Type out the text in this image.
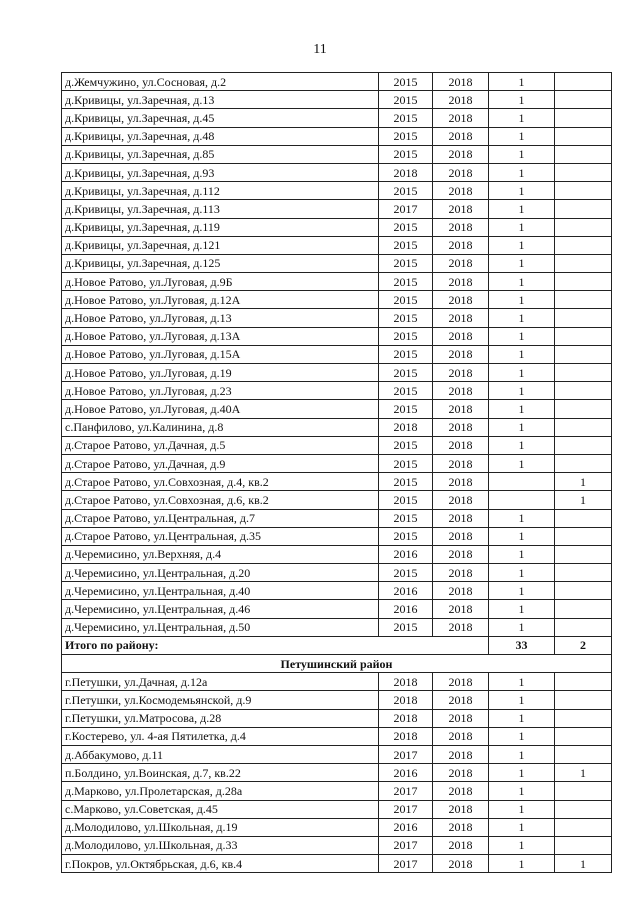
11
д.Жемчужино, ул.Сосновая, д.2	2015	2018	1	
д.Кривицы, ул.Заречная, д.13	2015	2018	1	
д.Кривицы, ул.Заречная, д.45	2015	2018	1	
д.Кривицы, ул.Заречная, д.48	2015	2018	1	
д.Кривицы, ул.Заречная, д.85	2015	2018	1	
д.Кривицы, ул.Заречная, д.93	2018	2018	1	
д.Кривицы, ул.Заречная, д.112	2015	2018	1	
д.Кривицы, ул.Заречная, д.113	2017	2018	1	
д.Кривицы, ул.Заречная, д.119	2015	2018	1	
д.Кривицы, ул.Заречная, д.121	2015	2018	1	
д.Кривицы, ул.Заречная, д.125	2015	2018	1	
д.Новое Ратово, ул.Луговая, д.9Б	2015	2018	1	
д.Новое Ратово, ул.Луговая, д.12А	2015	2018	1	
д.Новое Ратово, ул.Луговая, д.13	2015	2018	1	
д.Новое Ратово, ул.Луговая, д.13А	2015	2018	1	
д.Новое Ратово, ул.Луговая, д.15А	2015	2018	1	
д.Новое Ратово, ул.Луговая, д.19	2015	2018	1	
д.Новое Ратово, ул.Луговая, д.23	2015	2018	1	
д.Новое Ратово, ул.Луговая, д.40А	2015	2018	1	
с.Панфилово, ул.Калинина, д.8	2018	2018	1	
д.Старое Ратово, ул.Дачная, д.5	2015	2018	1	
д.Старое Ратово, ул.Дачная, д.9	2015	2018	1	
д.Старое Ратово, ул.Совхозная, д.4, кв.2	2015	2018		1
д.Старое Ратово, ул.Совхозная, д.6, кв.2	2015	2018		1
д.Старое Ратово, ул.Центральная, д.7	2015	2018	1	
д.Старое Ратово, ул.Центральная, д.35	2015	2018	1	
д.Черемисино, ул.Верхняя, д.4	2016	2018	1	
д.Черемисино, ул.Центральная, д.20	2015	2018	1	
д.Черемисино, ул.Центральная, д.40	2016	2018	1	
д.Черемисино, ул.Центральная, д.46	2016	2018	1	
д.Черемисино, ул.Центральная, д.50	2015	2018	1	
Итого по району:			33	2
Петушинский район				
г.Петушки, ул.Дачная, д.12а	2018	2018	1	
г.Петушки, ул.Космодемьянской, д.9	2018	2018	1	
г.Петушки, ул.Матросова, д.28	2018	2018	1	
г.Костерево, ул. 4-ая Пятилетка, д.4	2018	2018	1	
д.Аббакумово, д.11	2017	2018	1	
п.Болдино, ул.Воинская, д.7, кв.22	2016	2018	1	1
д.Марково, ул.Пролетарская, д.28а	2017	2018	1	
с.Марково, ул.Советская, д.45	2017	2018	1	
д.Молодилово, ул.Школьная, д.19	2016	2018	1	
д.Молодилово, ул.Школьная, д.33	2017	2018	1	
г.Покров, ул.Октябрьская, д.6, кв.4	2017	2018	1	1
